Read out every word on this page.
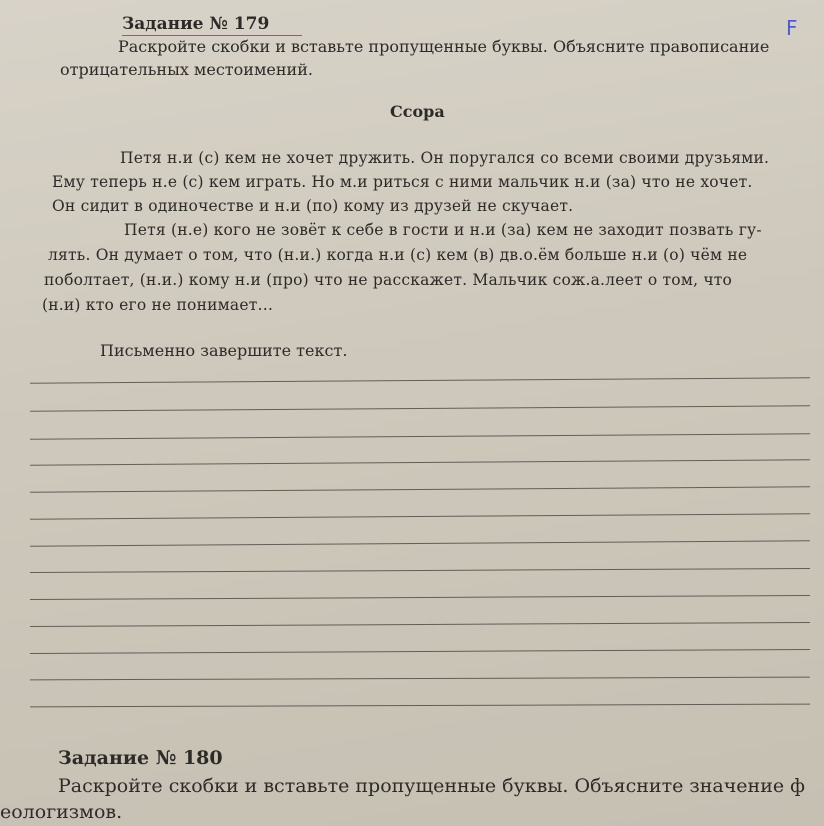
Задание № 179	F
Раскройте скобки и вставьте пропущенные буквы. Объясните правописание
отрицательных местоимений.
Ссора
Петя н.и (с) кем не хочет дружить. Он поругался со всеми своими друзьями.
Ему теперь н.е (с) кем играть. Но м.и риться с ними мальчик н.и (за) что не хочет.
Он сидит в одиночестве и н.и (по) кому из друзей не скучает.
Петя (н.е) кого не зовёт к себе в гости и н.и (за) кем не заходит позвать гу-
лять. Он думает о том, что (н.и.) когда н.и (с) кем (в) дв.о.ём больше н.и (о) чём не
поболтает, (н.и.) кому н.и (про) что не расскажет. Мальчик сож.а.леет о том, что
(н.и) кто его не понимает…
Письменно завершите текст.
Задание № 180
Раскройте скобки и вставьте пропущенные буквы. Объясните значение ф
еологизмов.
